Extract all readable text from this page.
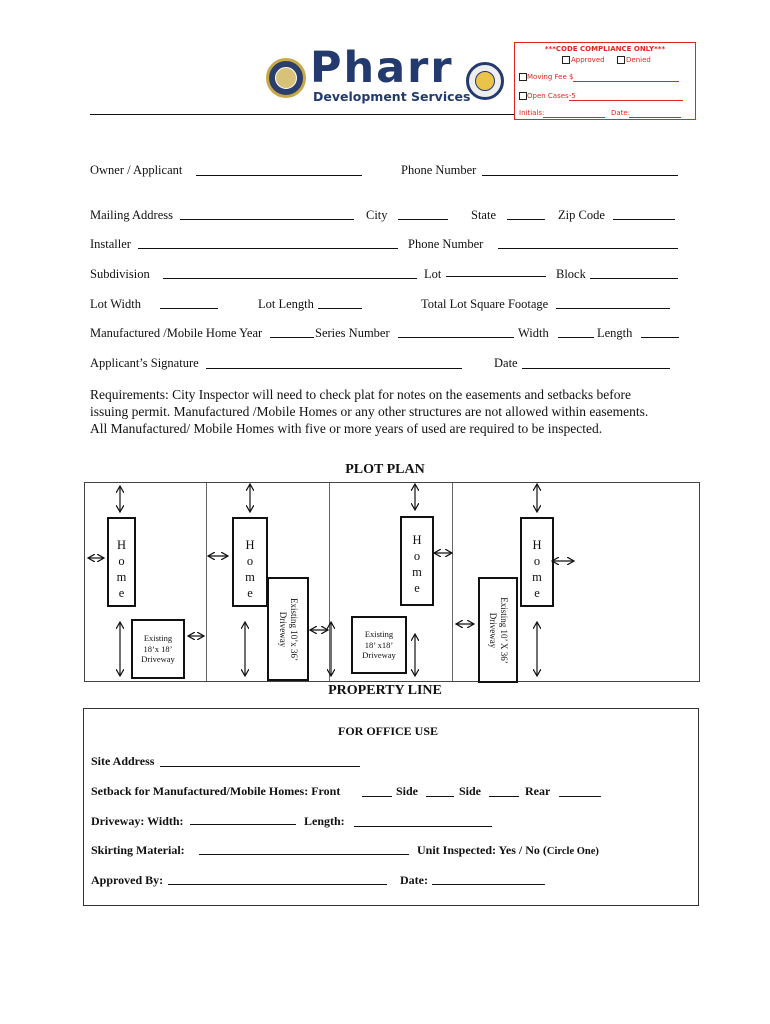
Pharr
Development Services
***CODE COMPLIANCE ONLY***
Approved	Denied
Moving Fee $
Open Cases-5
Initials:	Date:
Owner / Applicant	Phone Number
Mailing Address	City	State	Zip Code
Installer	Phone Number
Subdivision	Lot	Block
Lot Width	Lot Length	Total Lot Square Footage
Manufactured /Mobile Home Year	Series Number	Width	Length
Applicant’s Signature	Date
Requirements: City Inspector will need to check plat for notes on the easements and setbacks before
issuing permit. Manufactured /Mobile Homes or any other structures are not allowed within easements.
All Manufactured/ Mobile Homes with five or more years of used are required to be inspected.
PLOT PLAN
H
o
m
e
H
o
m
e
H
o
m
e
H
o
m
e
Existing
18’x 18’
Driveway	Existing 10’x 36’
Driveway	Existing
18’ x18’
Driveway	Existing 10’ X 36’
Driveway
PROPERTY LINE
FOR OFFICE USE
Site Address
Setback for Manufactured/Mobile Homes: Front	Side	Side	Rear
Driveway: Width:	Length:
Skirting Material:	Unit Inspected: Yes / No (Circle One)
Approved By:	Date:
